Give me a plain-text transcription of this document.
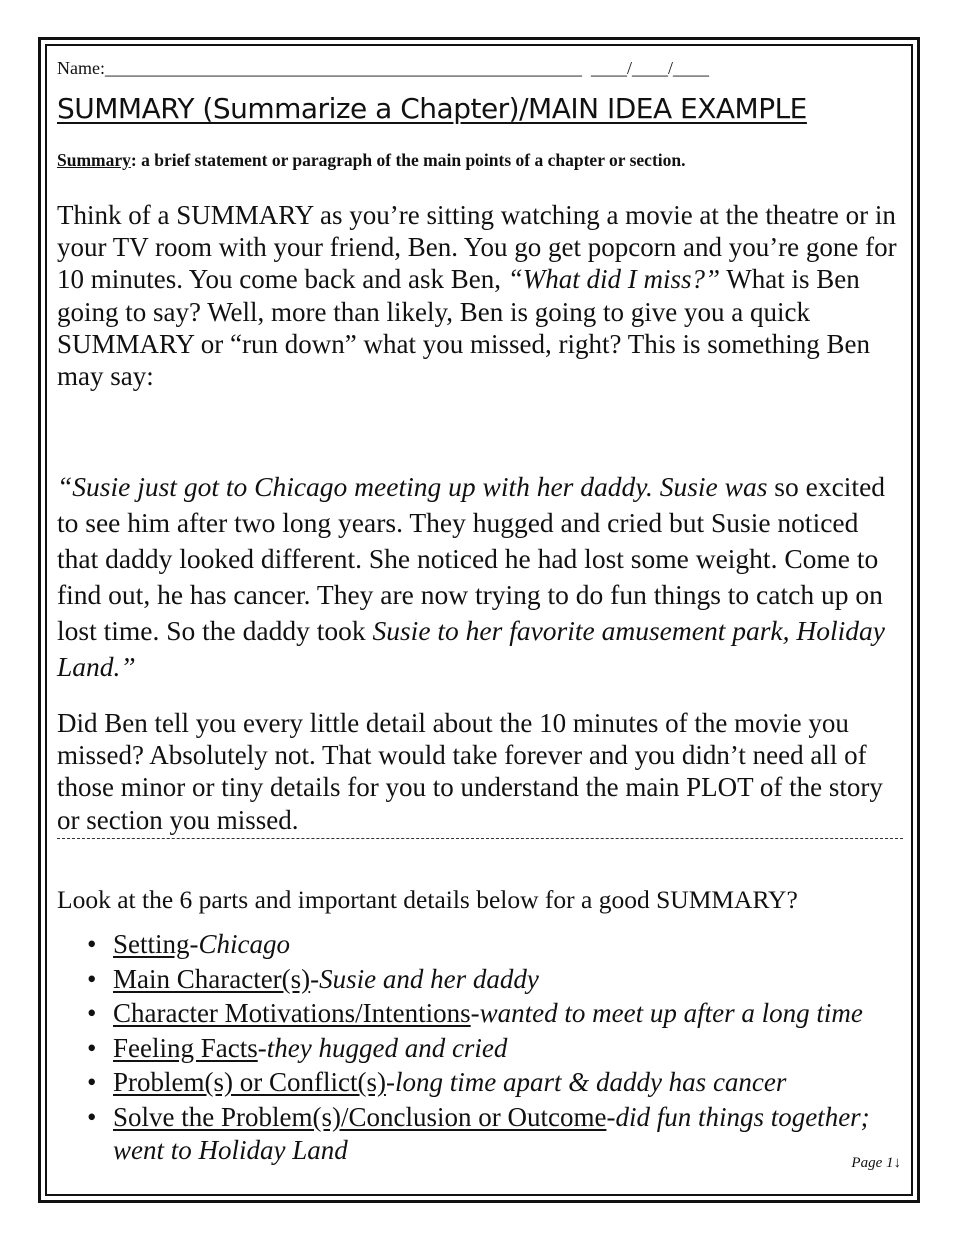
Name:_____________________________________________________  ____/____/____
SUMMARY (Summarize a Chapter)/MAIN IDEA EXAMPLE
Summary: a brief statement or paragraph of the main points of a chapter or section.
Think of a SUMMARY as you’re sitting watching a movie at the theatre or in your TV room with your friend, Ben. You go get popcorn and you’re gone for 10 minutes. You come back and ask Ben, “What did I miss?” What is Ben going to say? Well, more than likely, Ben is going to give you a quick SUMMARY or “run down” what you missed, right? This is something Ben may say:
“Susie just got to Chicago meeting up with her daddy. Susie was so excited to see him after two long years. They hugged and cried but Susie noticed that daddy looked different. She noticed he had lost some weight. Come to find out, he has cancer. They are now trying to do fun things to catch up on lost time. So the daddy took Susie to her favorite amusement park, Holiday Land.”
Did Ben tell you every little detail about the 10 minutes of the movie you missed? Absolutely not. That would take forever and you didn’t need all of those minor or tiny details for you to understand the main PLOT of the story or section you missed.
Look at the 6 parts and important details below for a good SUMMARY?
• Setting-Chicago
• Main Character(s)-Susie and her daddy
• Character Motivations/Intentions-wanted to meet up after a long time
• Feeling Facts-they hugged and cried
• Problem(s) or Conflict(s)-long time apart & daddy has cancer
• Solve the Problem(s)/Conclusion or Outcome-did fun things together; went to Holiday Land	Page 1↓
